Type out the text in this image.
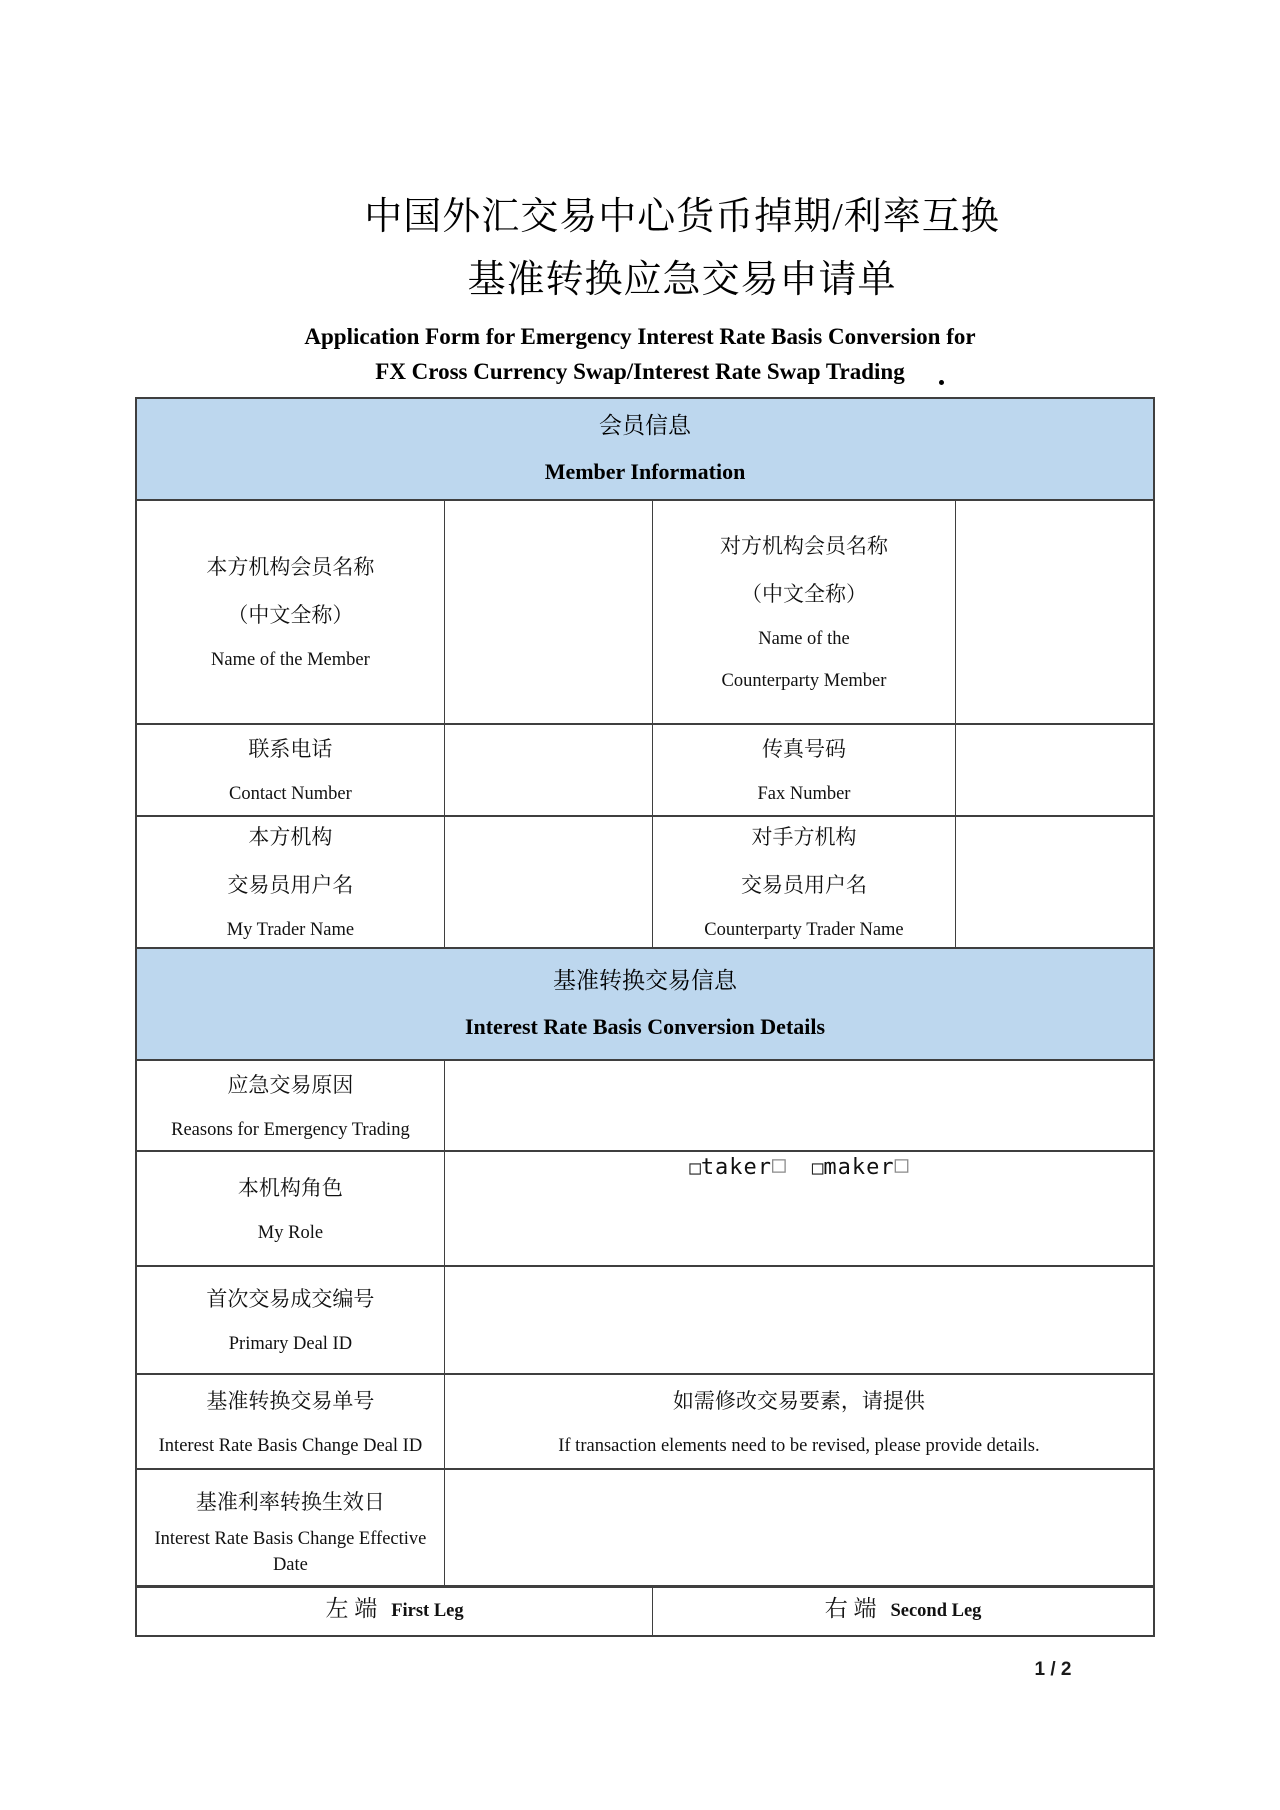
中国外汇交易中心货币掉期/利率互换
基准转换应急交易申请单
Application Form for Emergency Interest Rate Basis Conversion for
FX Cross Currency Swap/Interest Rate Swap Trading
会员信息
Member Information
本方机构会员名称
（中文全称）
Name of the Member
对方机构会员名称
（中文全称）
Name of the
Counterparty Member
联系电话
Contact Number
传真号码
Fax Number
本方机构
交易员用户名
My Trader Name
对手方机构
交易员用户名
Counterparty Trader Name
基准转换交易信息
Interest Rate Basis Conversion Details
应急交易原因
Reasons for Emergency Trading
本机构角色
My Role
□ taker □ □ maker □
首次交易成交编号
Primary Deal ID
基准转换交易单号
Interest Rate Basis Change Deal ID
如需修改交易要素，请提供
If transaction elements need to be revised, please provide details.
基准利率转换生效日
Interest Rate Basis Change Effective Date
左 端 First Leg	右 端 Second Leg
1 / 2
